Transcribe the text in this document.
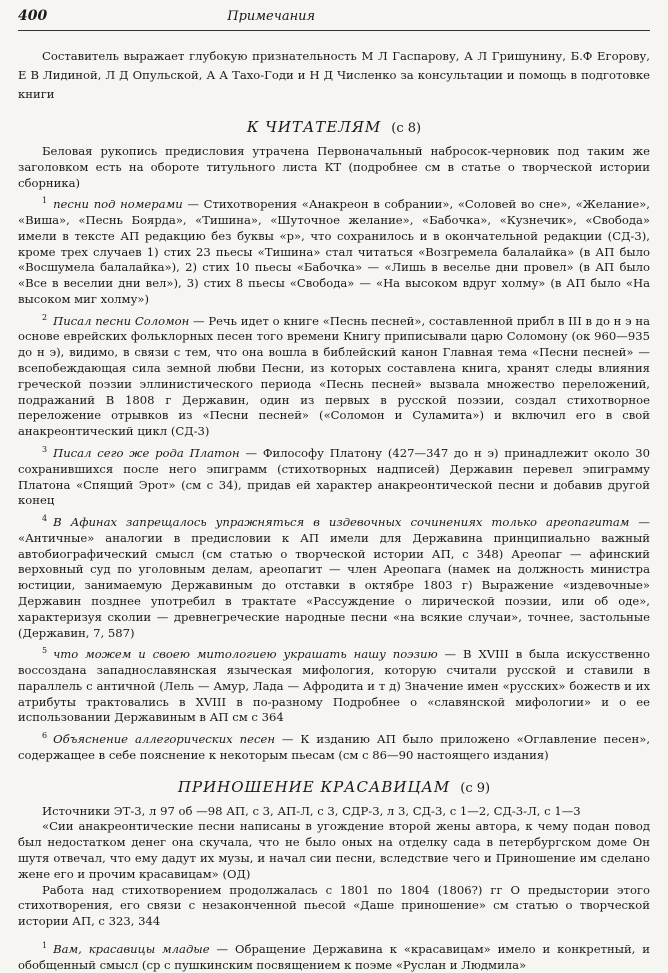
400	Примечания

Составитель выражает глубокую признательность М Л Гаспарову, А Л Гришунину, Б.Ф Егорову, Е В Лидиной, Л Д Опульской, А А Тахо-Годи и Н Д Численко за консультации и помощь в подготовке книги

К ЧИТАТЕЛЯМ (с 8)

Беловая рукопись предисловия утрачена Первоначальный набросок-черновик под таким же заголовком есть на обороте титульного листа КТ (подробнее см в статье о творческой истории сборника)

$^1$ песни под номерами — Стихотворения «Анакреон в собрании», «Соловей во сне», «Желание», «Виша», «Песнь Боярда», «Тишина», «Шуточное желание», «Бабочка», «Кузнечик», «Свобода» имели в тексте АП редакцию без буквы «р», что сохранилось и в окончательной редакции (СД-3), кроме трех случаев 1) стих 23 пьесы «Тишина» стал читаться «Возгремела балалайка» (в АП было «Восшумела балалайка»), 2) стих 10 пьесы «Бабочка» — «Лишь в веселье дни провел» (в АП было «Все в веселии дни вел»), 3) стих 8 пьесы «Свобода» — «На высоком вдруг холму» (в АП было «На высоком миг холму»)

$^2$ Писал песни Соломон — Речь идет о книге «Песнь песней», составленной прибл в III в до н э на основе еврейских фольклорных песен того времени Книгу приписывали царю Соломону (ок 960—935 до н э), видимо, в связи с тем, что она вошла в библейский канон Главная тема «Песни песней» — всепобеждающая сила земной любви Песни, из которых составлена книга, хранят следы влияния греческой поэзии эллинистического периода «Песнь песней» вызвала множество переложений, подражаний В 1808 г Державин, один из первых в русской поэзии, создал стихотворное переложение отрывков из «Песни песней» («Соломон и Суламита») и включил его в свой анакреонтический цикл (СД-3)

$^3$ Писал сего же рода Платон — Философу Платону (427—347 до н э) принадлежит около 30 сохранившихся после него эпиграмм (стихотворных надписей) Державин перевел эпиграмму Платона «Спящий Эрот» (см с 34), придав ей характер анакреонтической песни и добавив другой конец

$^4$ В Афинах запрещалось упражняться в издевочных сочинениях только ареопагитам — «Античные» аналогии в предисловии к АП имели для Державина принципиально важный автобиографический смысл (см статью о творческой истории АП, с 348) Ареопаг — афинский верховный суд по уголовным делам, ареопагит — член Ареопага (намек на должность министра юстиции, занимаемую Державиным до отставки в октябре 1803 г) Выражение «издевочные» Державин позднее употребил в трактате «Рассуждение о лирической поэзии, или об оде», характеризуя сколии — древнегреческие народные песни «на всякие случаи», точнее, застольные (Державин, 7, 587)

$^5$ что можем и своею митологиею украшать нашу поэзию — В XVIII в была искусственно воссоздана западнославянская языческая мифология, которую считали русской и ставили в параллель с античной (Лель — Амур, Лада — Афродита и т д) Значение имен «русских» божеств и их атрибуты трактовались в XVIII в по-разному Подробнее о «славянской мифологии» и о ее использовании Державиным в АП см с 364

$^6$ Объяснение аллегорических песен — К изданию АП было приложено «Оглавление песен», содержащее в себе пояснение к некоторым пьесам (см с 86—90 настоящего издания)

ПРИНОШЕНИЕ КРАСАВИЦАМ (с 9)

Источники ЭТ-3, л 97 об —98 АП, с 3, АП-Л, с 3, СДР-3, л 3, СД-3, с 1—2, СД-3-Л, с 1—3

«Сии анакреонтические песни написаны в угождение второй жены автора, к чему подан повод был недостатком денег она скучала, что не было оных на отделку сада в петербургском доме Он шутя отвечал, что ему дадут их музы, и начал сии песни, вследствие чего и Приношение им сделано жене его и прочим красавицам» (ОД)

Работа над стихотворением продолжалась с 1801 по 1804 (1806?) гг О предыстории этого стихотворения, его связи с незаконченной пьесой «Даше приношение» см статью о творческой истории АП, с 323, 344

$^1$ Вам, красавицы младые — Обращение Державина к «красавицам» имело и конкретный, и обобщенный смысл (ср с пушкинским посвящением к поэме «Руслан и Людмила»
